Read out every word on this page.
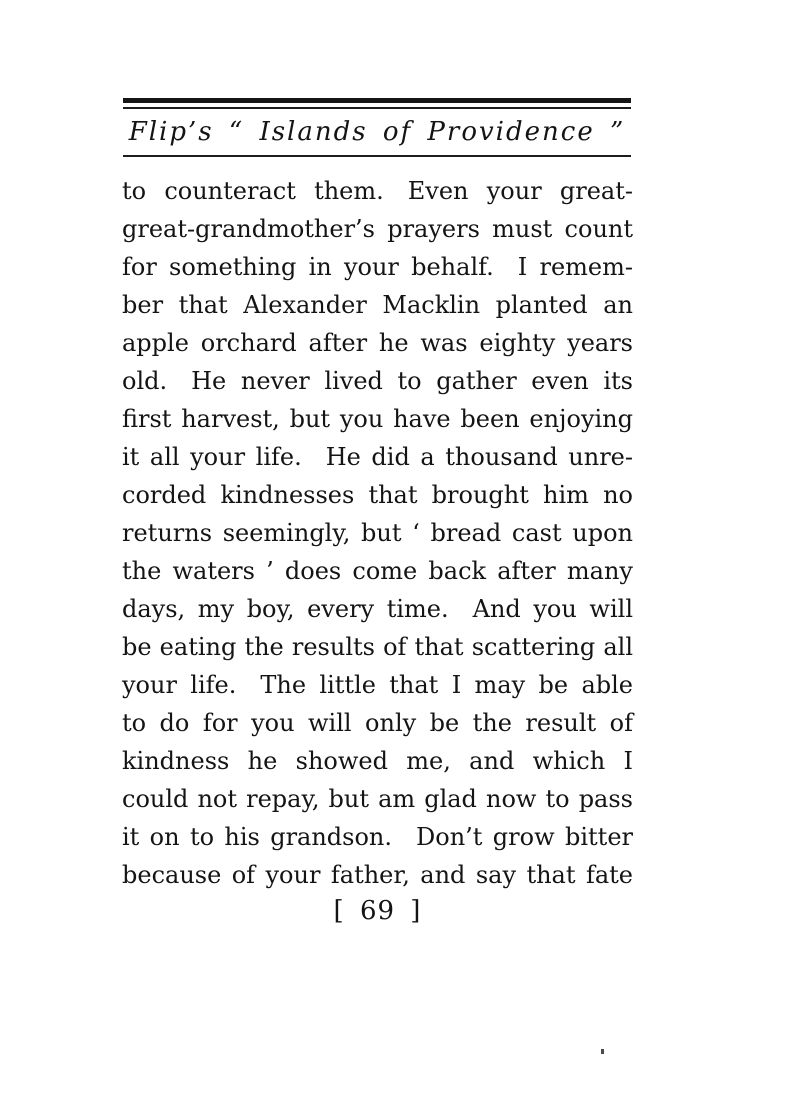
Flip’s “ Islands of Providence ”
to counteract them. Even your great-
great-grandmother’s prayers must count
for something in your behalf. I remem-
ber that Alexander Macklin planted an
apple orchard after he was eighty years
old. He never lived to gather even its
first harvest, but you have been enjoying
it all your life. He did a thousand unre-
corded kindnesses that brought him no
returns seemingly, but ‘ bread cast upon
the waters ’ does come back after many
days, my boy, every time. And you will
be eating the results of that scattering all
your life. The little that I may be able
to do for you will only be the result of
kindness he showed me, and which I
could not repay, but am glad now to pass
it on to his grandson. Don’t grow bitter
because of your father, and say that fate
[ 69 ]
